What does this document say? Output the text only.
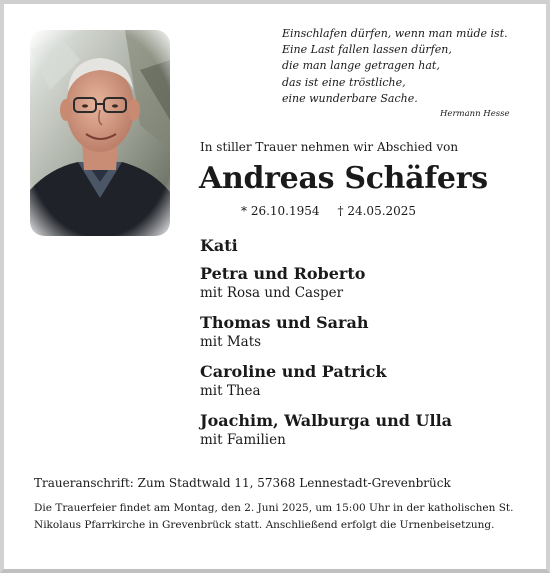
Einschlafen dürfen, wenn man müde ist.
Eine Last fallen lassen dürfen,
die man lange getragen hat,
das ist eine tröstliche,
eine wunderbare Sache.
Hermann Hesse
In stiller Trauer nehmen wir Abschied von
Andreas Schäfers
* 26.10.1954 † 24.05.2025
Kati
Petra und Roberto
mit Rosa und Casper
Thomas und Sarah
mit Mats
Caroline und Patrick
mit Thea
Joachim, Walburga und Ulla
mit Familien
Traueranschrift: Zum Stadtwald 11, 57368 Lennestadt-Grevenbrück
Die Trauerfeier findet am Montag, den 2. Juni 2025, um 15:00 Uhr in der katholischen St. Nikolaus Pfarrkirche in Grevenbrück statt. Anschließend erfolgt die Urnenbeisetzung.
